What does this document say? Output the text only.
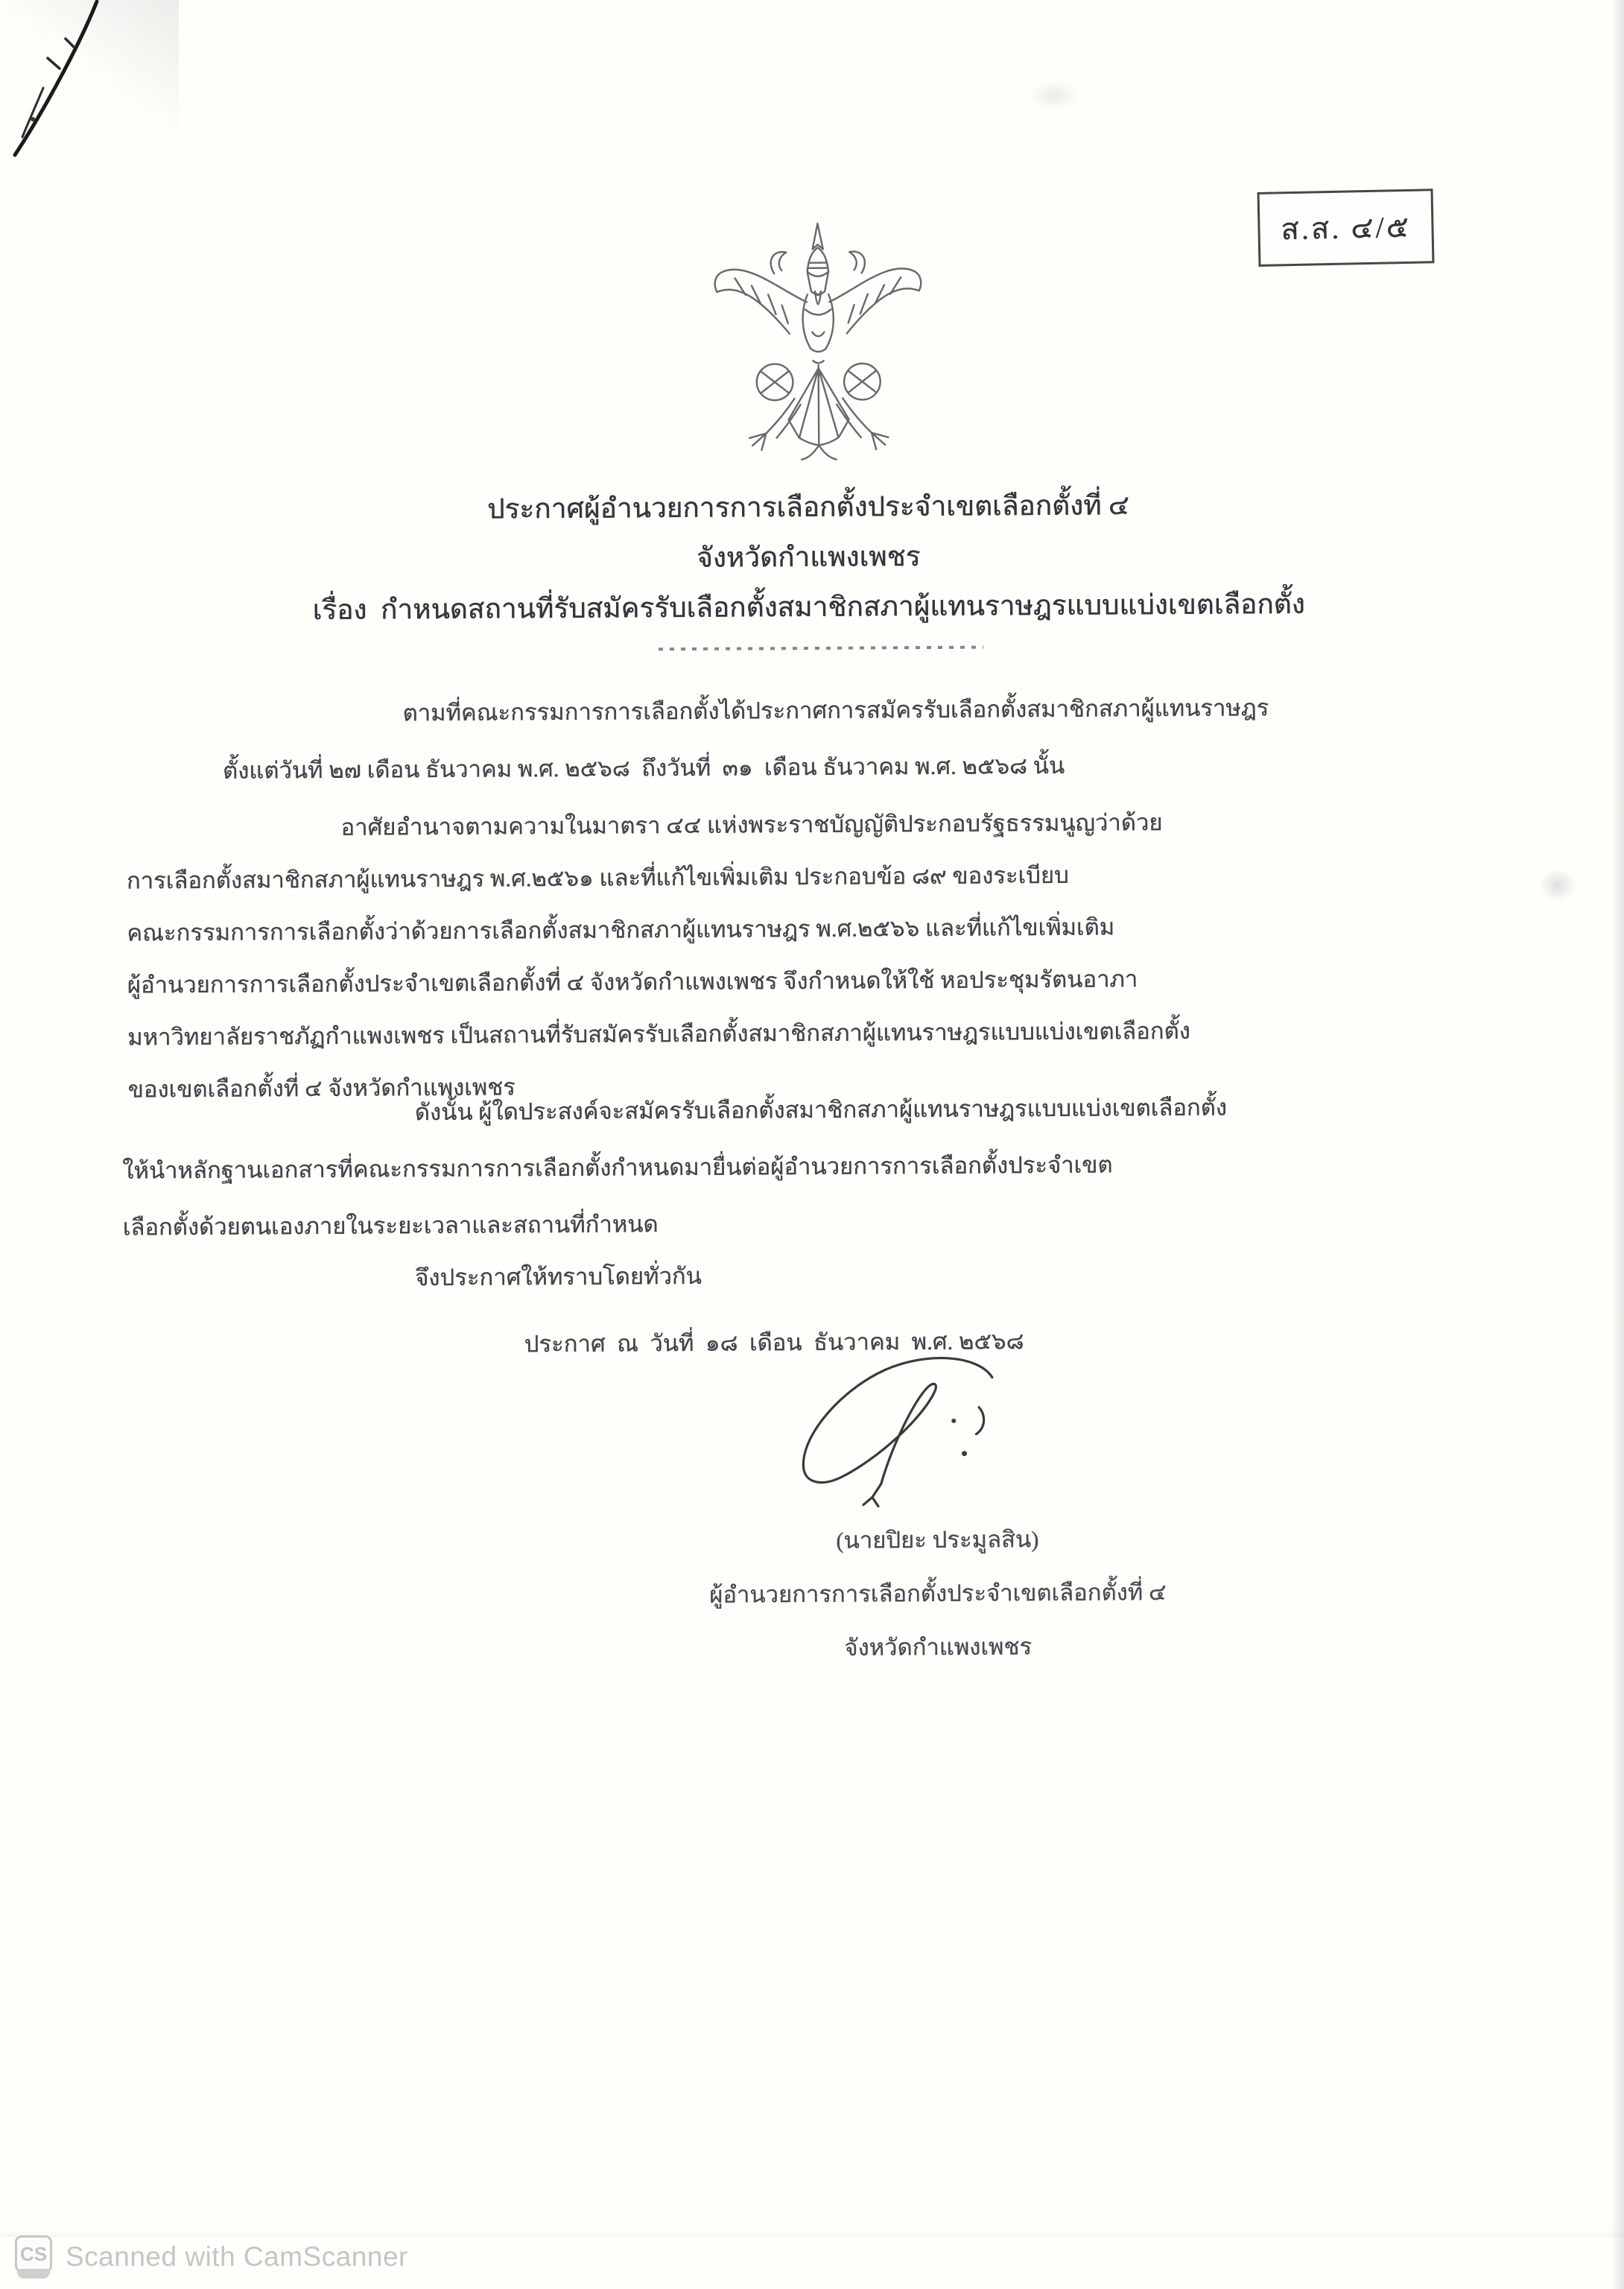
ส.ส. ๔/๕
ประกาศผู้อำนวยการการเลือกตั้งประจำเขตเลือกตั้งที่ ๔
จังหวัดกำแพงเพชร
เรื่อง  กำหนดสถานที่รับสมัครรับเลือกตั้งสมาชิกสภาผู้แทนราษฎรแบบแบ่งเขตเลือกตั้ง
ตามที่คณะกรรมการการเลือกตั้งได้ประกาศการสมัครรับเลือกตั้งสมาชิกสภาผู้แทนราษฎร
ตั้งแต่วันที่ ๒๗ เดือน ธันวาคม พ.ศ. ๒๕๖๘  ถึงวันที่  ๓๑  เดือน ธันวาคม พ.ศ. ๒๕๖๘ นั้น
อาศัยอำนาจตามความในมาตรา ๔๔ แห่งพระราชบัญญัติประกอบรัฐธรรมนูญว่าด้วย
การเลือกตั้งสมาชิกสภาผู้แทนราษฎร พ.ศ.๒๕๖๑ และที่แก้ไขเพิ่มเติม ประกอบข้อ ๘๙ ของระเบียบ
คณะกรรมการการเลือกตั้งว่าด้วยการเลือกตั้งสมาชิกสภาผู้แทนราษฎร พ.ศ.๒๕๖๖ และที่แก้ไขเพิ่มเติม
ผู้อำนวยการการเลือกตั้งประจำเขตเลือกตั้งที่ ๔ จังหวัดกำแพงเพชร จึงกำหนดให้ใช้ หอประชุมรัตนอาภา
มหาวิทยาลัยราชภัฏกำแพงเพชร เป็นสถานที่รับสมัครรับเลือกตั้งสมาชิกสภาผู้แทนราษฎรแบบแบ่งเขตเลือกตั้ง
ของเขตเลือกตั้งที่ ๔ จังหวัดกำแพงเพชร
ดังนั้น ผู้ใดประสงค์จะสมัครรับเลือกตั้งสมาชิกสภาผู้แทนราษฎรแบบแบ่งเขตเลือกตั้ง
ให้นำหลักฐานเอกสารที่คณะกรรมการการเลือกตั้งกำหนดมายื่นต่อผู้อำนวยการการเลือกตั้งประจำเขต
เลือกตั้งด้วยตนเองภายในระยะเวลาและสถานที่กำหนด
จึงประกาศให้ทราบโดยทั่วกัน
ประกาศ  ณ  วันที่  ๑๘  เดือน  ธันวาคม  พ.ศ. ๒๕๖๘
(นายปิยะ ประมูลสิน)
ผู้อำนวยการการเลือกตั้งประจำเขตเลือกตั้งที่ ๔
จังหวัดกำแพงเพชร
CS Scanned with CamScanner
